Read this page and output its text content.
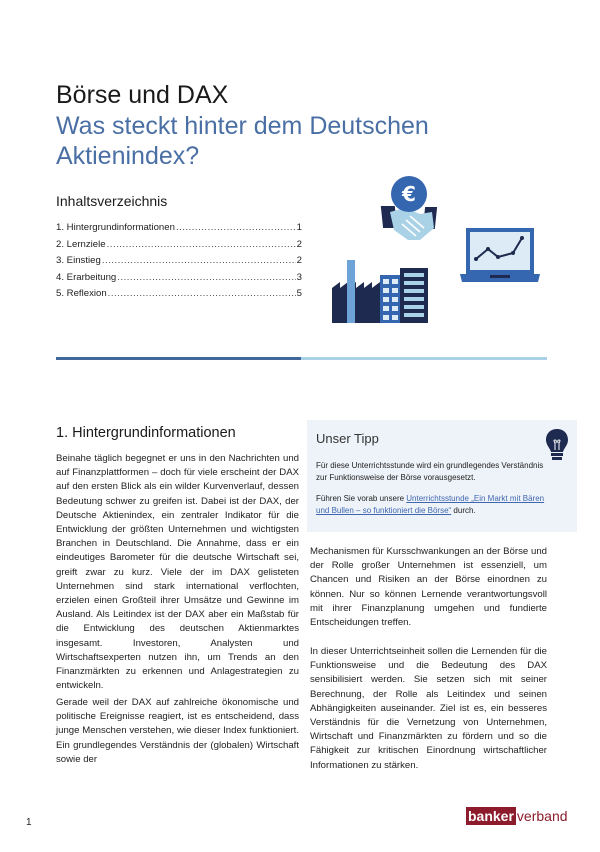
Börse und DAX
Was steckt hinter dem Deutschen Aktienindex?
Inhaltsverzeichnis
1. Hintergrundinformationen .....	1
2. Lernziele .....	2
3. Einstieg .....	2
4. Erarbeitung .....	3
5. Reflexion .....	5
€
1. Hintergrundinformationen
Beinahe täglich begegnet er uns in den Nachrichten und auf Finanzplattformen – doch für viele erscheint der DAX auf den ersten Blick als ein wilder Kurvenverlauf, dessen Bedeutung schwer zu greifen ist. Dabei ist der DAX, der Deutsche Aktienindex, ein zentraler Indikator für die Entwicklung der größten Unternehmen und wichtigsten Branchen in Deutschland. Die Annahme, dass er ein eindeutiges Barometer für die deutsche Wirtschaft sei, greift zwar zu kurz. Viele der im DAX gelisteten Unternehmen sind stark international verflochten, erzielen einen Großteil ihrer Umsätze und Gewinne im Ausland. Als Leitindex ist der DAX aber ein Maßstab für die Entwicklung des deutschen Aktienmarktes insgesamt. Investoren, Analysten und Wirtschaftsexperten nutzen ihn, um Trends an den Finanzmärkten zu erkennen und Anlagestrategien zu entwickeln.
Gerade weil der DAX auf zahlreiche ökonomische und politische Ereignisse reagiert, ist es entscheidend, dass junge Menschen verstehen, wie dieser Index funktioniert. Ein grundlegendes Verständnis der (globalen) Wirtschaft sowie der
Mechanismen für Kursschwankungen an der Börse und der Rolle großer Unternehmen ist essenziell, um Chancen und Risiken an der Börse einordnen zu können. Nur so können Lernende verantwortungsvoll mit ihrer Finanzplanung umgehen und fundierte Entscheidungen treffen.
In dieser Unterrichtseinheit sollen die Lernenden für die Funktionsweise und die Bedeutung des DAX sensibilisiert werden. Sie setzen sich mit seiner Berechnung, der Rolle als Leitindex und seinen Abhängigkeiten auseinander. Ziel ist es, ein besseres Verständnis für die Vernetzung von Unternehmen, Wirtschaft und Finanzmärkten zu fördern und so die Fähigkeit zur kritischen Einordnung wirtschaftlicher Informationen zu stärken.
Unser Tipp
Für diese Unterrichtsstunde wird ein grundlegendes Verständnis zur Funktionsweise der Börse vorausgesetzt.
Führen Sie vorab unsere Unterrichtsstunde „Ein Markt mit Bären und Bullen – so funktioniert die Börse“ durch.
1	banker verband
